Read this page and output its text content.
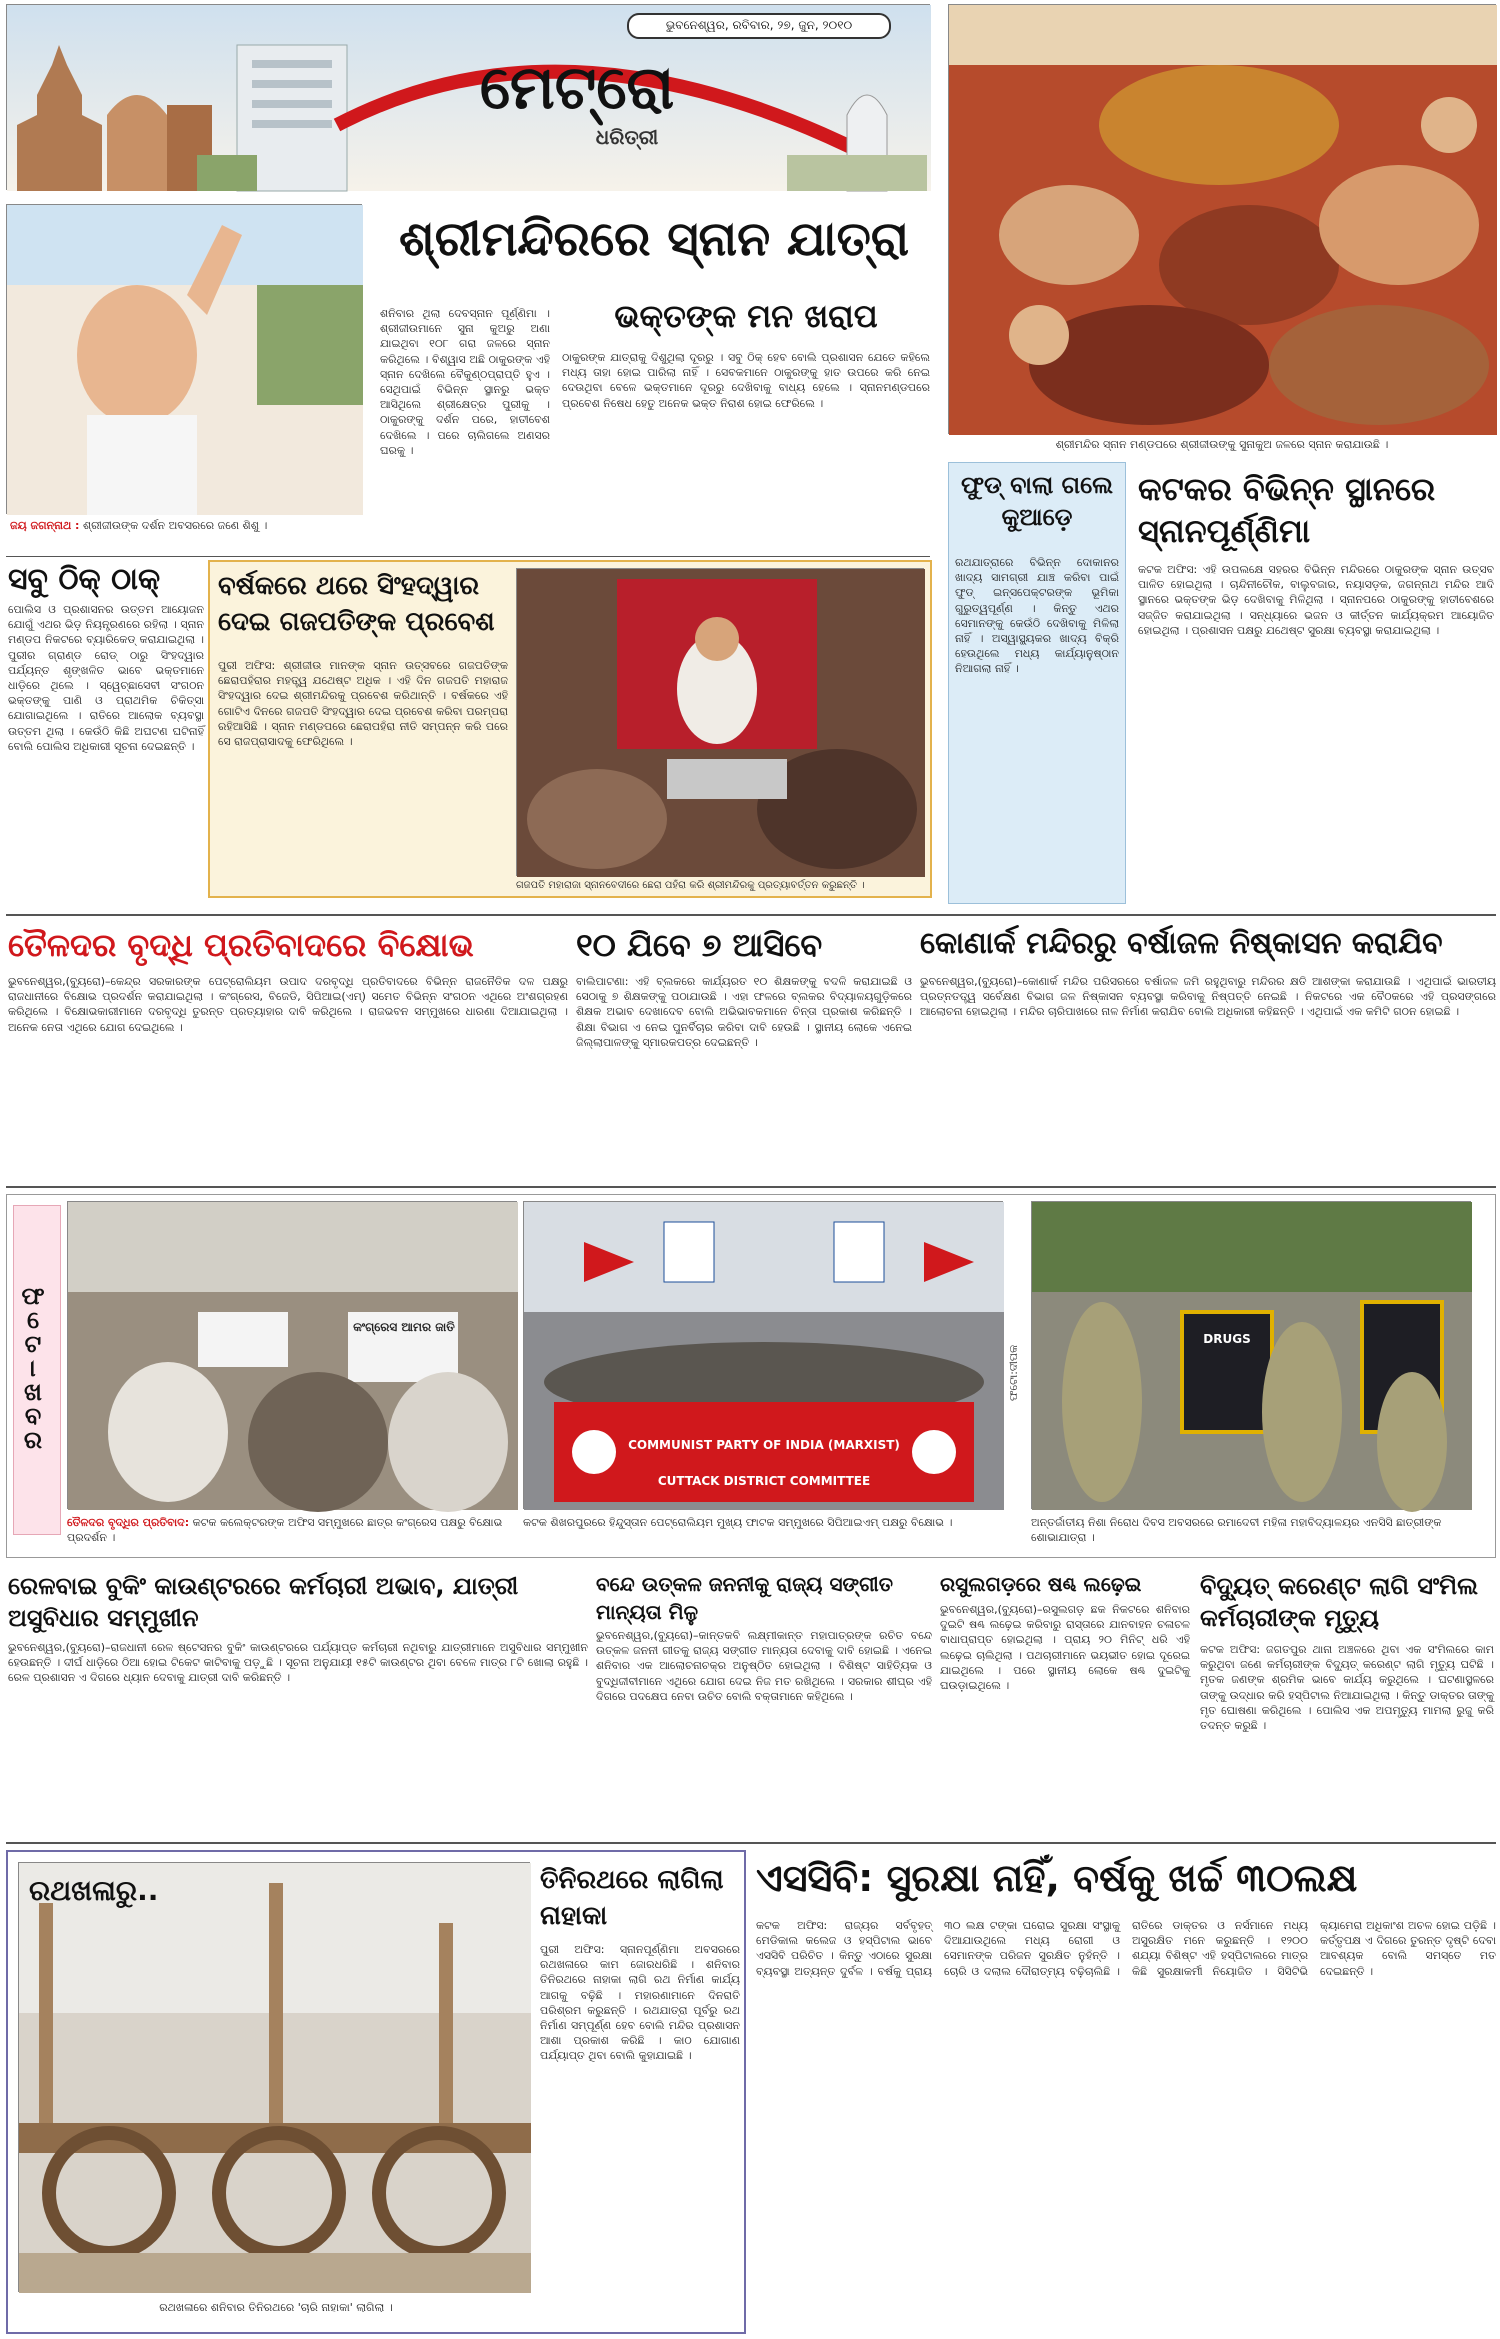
ଭୁବନେଶ୍ୱର, ରବିବାର, ୨୭, ଜୁନ, ୨୦୧୦
ମେଟ୍ରୋ
ଧରିତ୍ରୀ
ଶ୍ରୀମନ୍ଦିର ସ୍ନାନ ମଣ୍ଡପରେ ଶ୍ରୀଜୀଉଙ୍କୁ ସୁନାକୁଅ ଜଳରେ ସ୍ନାନ କରାଯାଉଛି ।
ଜୟ ଜଗନ୍ନାଥ : ଶ୍ରୀଜୀଉଙ୍କ ଦର୍ଶନ ଅବସରରେ ଜଣେ ଶିଶୁ ।
ଶ୍ରୀମନ୍ଦିରରେ ସ୍ନାନ ଯାତ୍ରା
ଭକ୍ତଙ୍କ ମନ ଖରାପ
ଶନିବାର ଥିଲା ଦେବସ୍ନାନ ପୂର୍ଣ୍ଣିମା । ଶ୍ରୀଜୀଉମାନେ ସୁନା କୁଅରୁ ଅଣା ଯାଇଥିବା ୧୦୮ ଗରା ଜଳରେ ସ୍ନାନ କରିଥିଲେ । ବିଶ୍ୱାସ ଅଛି ଠାକୁରଙ୍କ ଏହି ସ୍ନାନ ଦେଖିଲେ ବୈକୁଣ୍ଠପ୍ରାପ୍ତି ହୁଏ । ସେଥିପାଇଁ ବିଭିନ୍ନ ସ୍ଥାନରୁ ଭକ୍ତ ଆସିଥିଲେ ଶ୍ରୀକ୍ଷେତ୍ର ପୁରୀକୁ । ଠାକୁରଙ୍କୁ ଦର୍ଶନ ପରେ, ହାତୀବେଶ ଦେଖିଲେ । ପରେ ଚାଲିଗଲେ ଅଣସର ଘରକୁ ।
ଠାକୁରଙ୍କ ଯାତ୍ରାକୁ ଦିଶୁଥିଲା ଦୂରରୁ । ସବୁ ଠିକ୍ ହେବ ବୋଲି ପ୍ରଶାସନ ଯେତେ କହିଲେ ମଧ୍ୟ ତାହା ହୋଇ ପାରିଲା ନାହିଁ । ସେବକମାନେ ଠାକୁରଙ୍କୁ ହାତ ଉପରେ କରି ନେଇ ଦେଉଥିବା ବେଳେ ଭକ୍ତମାନେ ଦୂରରୁ ଦେଖିବାକୁ ବାଧ୍ୟ ହେଲେ । ସ୍ନାନମଣ୍ଡପରେ ପ୍ରବେଶ ନିଷେଧ ହେତୁ ଅନେକ ଭକ୍ତ ନିରାଶ ହୋଇ ଫେରିଲେ ।
ସବୁ ଠିକ୍ ଠାକ୍
ପୋଲିସ ଓ ପ୍ରଶାସନର ଉତ୍ତମ ଆୟୋଜନ ଯୋଗୁଁ ଏଥର ଭିଡ଼ ନିୟନ୍ତ୍ରଣରେ ରହିଲା । ସ୍ନାନ ମଣ୍ଡପ ନିକଟରେ ବ୍ୟାରିକେଡ୍ କରାଯାଇଥିଲା । ପୁରୀର ଗ୍ରାଣ୍ଡ ରୋଡ୍ ଠାରୁ ସିଂହଦ୍ୱାର ପର୍ଯ୍ୟନ୍ତ ଶୃଙ୍ଖଳିତ ଭାବେ ଭକ୍ତମାନେ ଧାଡ଼ିରେ ଥିଲେ । ସ୍ୱେଚ୍ଛାସେବୀ ସଂଗଠନ ଭକ୍ତଙ୍କୁ ପାଣି ଓ ପ୍ରାଥମିକ ଚିକିତ୍ସା ଯୋଗାଇଥିଲେ । ରାତିରେ ଆଲୋକ ବ୍ୟବସ୍ଥା ଉତ୍ତମ ଥିଲା । କେଉଁଠି କିଛି ଅଘଟଣ ଘଟିନାହିଁ ବୋଲି ପୋଲିସ ଅଧିକାରୀ ସୂଚନା ଦେଇଛନ୍ତି ।
ବର୍ଷକରେ ଥରେ ସିଂହଦ୍ୱାର ଦେଇ ଗଜପତିଙ୍କ ପ୍ରବେଶ
ପୁରୀ ଅଫିସ: ଶ୍ରୀଜୀଉ ମାନଙ୍କ ସ୍ନାନ ଉତ୍ସବରେ ଗଜପତିଙ୍କ ଛେରାପହଁରାର ମହତ୍ତ୍ୱ ଯଥେଷ୍ଟ ଅଧିକ । ଏହି ଦିନ ଗଜପତି ମହାରାଜ ସିଂହଦ୍ୱାର ଦେଇ ଶ୍ରୀମନ୍ଦିରକୁ ପ୍ରବେଶ କରିଥାନ୍ତି । ବର୍ଷକରେ ଏହି ଗୋଟିଏ ଦିନରେ ଗଜପତି ସିଂହଦ୍ୱାର ଦେଇ ପ୍ରବେଶ କରିବା ପରମ୍ପରା ରହିଆସିଛି । ସ୍ନାନ ମଣ୍ଡପରେ ଛେରାପହଁରା ନୀତି ସମ୍ପନ୍ନ କରି ପରେ ସେ ରାଜପ୍ରାସାଦକୁ ଫେରିଥିଲେ ।
ଗଜପତି ମହାରାଜା ସ୍ନାନବେଦୀରେ ଛେରା ପହଁରା କରି ଶ୍ରୀମନ୍ଦିରକୁ ପ୍ରତ୍ୟାବର୍ତ୍ତନ କରୁଛନ୍ତି ।
ଫୁଡ୍ ବାଲା ଗଲେ କୁଆଡ଼େ
ରଥଯାତ୍ରାରେ ବିଭିନ୍ନ ଦୋକାନର ଖାଦ୍ୟ ସାମଗ୍ରୀ ଯାଞ୍ଚ କରିବା ପାଇଁ ଫୁଡ୍ ଇନ୍ସପେକ୍ଟରଙ୍କ ଭୂମିକା ଗୁରୁତ୍ୱପୂର୍ଣ୍ଣ । କିନ୍ତୁ ଏଥର ସେମାନଙ୍କୁ କେଉଁଠି ଦେଖିବାକୁ ମିଳିଲା ନାହିଁ । ଅସ୍ୱାସ୍ଥ୍ୟକର ଖାଦ୍ୟ ବିକ୍ରି ହେଉଥିଲେ ମଧ୍ୟ କାର୍ଯ୍ୟାନୁଷ୍ଠାନ ନିଆଗଲା ନାହିଁ ।
କଟକର ବିଭିନ୍ନ ସ୍ଥାନରେ ସ୍ନାନପୂର୍ଣ୍ଣିମା
କଟକ ଅଫିସ: ଏହି ଉପଲକ୍ଷେ ସହରର ବିଭିନ୍ନ ମନ୍ଦିରରେ ଠାକୁରଙ୍କ ସ୍ନାନ ଉତ୍ସବ ପାଳିତ ହୋଇଥିଲା । ଚାନ୍ଦିନୀଚୌକ, ବାଲୁବଜାର, ନୟାସଡ଼କ, ଜଗନ୍ନାଥ ମନ୍ଦିର ଆଦି ସ୍ଥାନରେ ଭକ୍ତଙ୍କ ଭିଡ଼ ଦେଖିବାକୁ ମିଳିଥିଲା । ସ୍ନାନପରେ ଠାକୁରଙ୍କୁ ହାତୀବେଶରେ ସଜ୍ଜିତ କରାଯାଇଥିଲା । ସନ୍ଧ୍ୟାରେ ଭଜନ ଓ କୀର୍ତ୍ତନ କାର୍ଯ୍ୟକ୍ରମ ଆୟୋଜିତ ହୋଇଥିଲା । ପ୍ରଶାସନ ପକ୍ଷରୁ ଯଥେଷ୍ଟ ସୁରକ୍ଷା ବ୍ୟବସ୍ଥା କରାଯାଇଥିଲା ।
ତୈଳଦର ବୃଦ୍ଧି ପ୍ରତିବାଦରେ ବିକ୍ଷୋଭ
ଭୁବନେଶ୍ୱର,(ବ୍ୟୁରୋ)–କେନ୍ଦ୍ର ସରକାରଙ୍କ ପେଟ୍ରୋଲିୟମ ଉପାଦ ଦରବୃଦ୍ଧି ପ୍ରତିବାଦରେ ବିଭିନ୍ନ ରାଜନୈତିକ ଦଳ ପକ୍ଷରୁ ରାଜଧାନୀରେ ବିକ୍ଷୋଭ ପ୍ରଦର୍ଶନ କରାଯାଇଥିଲା । କଂଗ୍ରେସ, ବିଜେଡି, ସିପିଆଇ(ଏମ୍) ସମେତ ବିଭିନ୍ନ ସଂଗଠନ ଏଥିରେ ଅଂଶଗ୍ରହଣ କରିଥିଲେ । ବିକ୍ଷୋଭକାରୀମାନେ ଦରବୃଦ୍ଧି ତୁରନ୍ତ ପ୍ରତ୍ୟାହାର ଦାବି କରିଥିଲେ । ରାଜଭବନ ସମ୍ମୁଖରେ ଧାରଣା ଦିଆଯାଇଥିଲା । ଅନେକ ନେତା ଏଥିରେ ଯୋଗ ଦେଇଥିଲେ ।
୧୦ ଯିବେ ୭ ଆସିବେ
ବାଲିପାଟଣା: ଏହି ବ୍ଲକରେ କାର୍ଯ୍ୟରତ ୧୦ ଶିକ୍ଷକଙ୍କୁ ବଦଳି କରାଯାଇଛି ଓ ସେଠାକୁ ୭ ଶିକ୍ଷକଙ୍କୁ ପଠାଯାଉଛି । ଏହା ଫଳରେ ବ୍ଲକର ବିଦ୍ୟାଳୟଗୁଡ଼ିକରେ ଶିକ୍ଷକ ଅଭାବ ଦେଖାଦେବ ବୋଲି ଅଭିଭାବକମାନେ ଚିନ୍ତା ପ୍ରକାଶ କରିଛନ୍ତି । ଶିକ୍ଷା ବିଭାଗ ଏ ନେଇ ପୁନର୍ବିଚାର କରିବା ଦାବି ହେଉଛି । ସ୍ଥାନୀୟ ଲୋକେ ଏନେଇ ଜିଲ୍ଲାପାଳଙ୍କୁ ସ୍ମାରକପତ୍ର ଦେଇଛନ୍ତି ।
କୋଣାର୍କ ମନ୍ଦିରରୁ ବର୍ଷାଜଳ ନିଷ୍କାସନ କରାଯିବ
ଭୁବନେଶ୍ୱର,(ବ୍ୟୁରୋ)–କୋଣାର୍କ ମନ୍ଦିର ପରିସରରେ ବର୍ଷାଜଳ ଜମି ରହୁଥିବାରୁ ମନ୍ଦିରର କ୍ଷତି ଆଶଙ୍କା କରାଯାଉଛି । ଏଥିପାଇଁ ଭାରତୀୟ ପ୍ରତ୍ନତତ୍ତ୍ୱ ସର୍ବେକ୍ଷଣ ବିଭାଗ ଜଳ ନିଷ୍କାସନ ବ୍ୟବସ୍ଥା କରିବାକୁ ନିଷ୍ପତ୍ତି ନେଇଛି । ନିକଟରେ ଏକ ବୈଠକରେ ଏହି ପ୍ରସଙ୍ଗରେ ଆଲୋଚନା ହୋଇଥିଲା । ମନ୍ଦିର ଚାରିପାଖରେ ନାଳ ନିର୍ମାଣ କରାଯିବ ବୋଲି ଅଧିକାରୀ କହିଛନ୍ତି । ଏଥିପାଇଁ ଏକ କମିଟି ଗଠନ ହୋଇଛି ।
ଫଟୋଖବର	କଂଗ୍ରେସ ଆମର ଜାତି
COMMUNIST PARTY OF INDIA (MARXIST)
CUTTACK DISTRICT COMMITTEE
ଫଟୋ:ଦୀପକ
DRUGS
ତୈଳଦର ବୃଦ୍ଧିର ପ୍ରତିବାଦ: କଟକ କଲେକ୍ଟରଙ୍କ ଅଫିସ ସମ୍ମୁଖରେ ଛାତ୍ର କଂଗ୍ରେସ ପକ୍ଷରୁ ବିକ୍ଷୋଭ ପ୍ରଦର୍ଶନ ।
କଟକ ଶିଖରପୁରରେ ହିନ୍ଦୁସ୍ତାନ ପେଟ୍ରୋଲିୟମ ମୁଖ୍ୟ ଫାଟକ ସମ୍ମୁଖରେ ସିପିଆଇଏମ୍ ପକ୍ଷରୁ ବିକ୍ଷୋଭ ।	ଅନ୍ତର୍ଜାତୀୟ ନିଶା ନିରୋଧ ଦିବସ ଅବସରରେ ରମାଦେବୀ ମହିଳା ମହାବିଦ୍ୟାଳୟର ଏନସିସି ଛାତ୍ରୀଙ୍କ ଶୋଭାଯାତ୍ରା ।
ରେଳବାଇ ବୁକିଂ କାଉଣ୍ଟରରେ କର୍ମଚାରୀ ଅଭାବ, ଯାତ୍ରୀ ଅସୁବିଧାର ସମ୍ମୁଖୀନ
ଭୁବନେଶ୍ୱର,(ବ୍ୟୁରୋ)–ରାଜଧାନୀ ରେଳ ଷ୍ଟେସନର ବୁକିଂ କାଉଣ୍ଟରରେ ପର୍ଯ୍ୟାପ୍ତ କର୍ମଚାରୀ ନଥିବାରୁ ଯାତ୍ରୀମାନେ ଅସୁବିଧାର ସମ୍ମୁଖୀନ ହେଉଛନ୍ତି । ଦୀର୍ଘ ଧାଡ଼ିରେ ଠିଆ ହୋଇ ଟିକେଟ କାଟିବାକୁ ପଡ଼ୁଛି । ସୂଚନା ଅନୁଯାୟୀ ୧୫ଟି କାଉଣ୍ଟର ଥିବା ବେଳେ ମାତ୍ର ୮ଟି ଖୋଲା ରହୁଛି । ରେଳ ପ୍ରଶାସନ ଏ ଦିଗରେ ଧ୍ୟାନ ଦେବାକୁ ଯାତ୍ରୀ ଦାବି କରିଛନ୍ତି ।
ବନ୍ଦେ ଉତ୍କଳ ଜନନୀକୁ ରାଜ୍ୟ ସଙ୍ଗୀତ ମାନ୍ୟତା ମିଳୁ
ଭୁବନେଶ୍ୱର,(ବ୍ୟୁରୋ)–କାନ୍ତକବି ଲକ୍ଷ୍ମୀକାନ୍ତ ମହାପାତ୍ରଙ୍କ ରଚିତ ବନ୍ଦେ ଉତ୍କଳ ଜନନୀ ଗୀତକୁ ରାଜ୍ୟ ସଙ୍ଗୀତ ମାନ୍ୟତା ଦେବାକୁ ଦାବି ହୋଇଛି । ଏନେଇ ଶନିବାର ଏକ ଆଲୋଚନାଚକ୍ର ଅନୁଷ୍ଠିତ ହୋଇଥିଲା । ବିଶିଷ୍ଟ ସାହିତ୍ୟିକ ଓ ବୁଦ୍ଧିଜୀବୀମାନେ ଏଥିରେ ଯୋଗ ଦେଇ ନିଜ ମତ ରଖିଥିଲେ । ସରକାର ଶୀଘ୍ର ଏହି ଦିଗରେ ପଦକ୍ଷେପ ନେବା ଉଚିତ ବୋଲି ବକ୍ତାମାନେ କହିଥିଲେ ।
ରସୁଲଗଡ଼ରେ ଷଣ୍ଢ ଲଢ଼େଇ
ଭୁବନେଶ୍ୱର,(ବ୍ୟୁରୋ)–ରସୁଲଗଡ଼ ଛକ ନିକଟରେ ଶନିବାର ଦୁଇଟି ଷଣ୍ଢ ଲଢ଼େଇ କରିବାରୁ ରାସ୍ତାରେ ଯାନବାହନ ଚଳାଚଳ ବାଧାପ୍ରାପ୍ତ ହୋଇଥିଲା । ପ୍ରାୟ ୨୦ ମିନିଟ୍ ଧରି ଏହି ଲଢ଼େଇ ଚାଲିଥିଲା । ପଥଚାରୀମାନେ ଭୟଭୀତ ହୋଇ ଦୂରେଇ ଯାଇଥିଲେ । ପରେ ସ୍ଥାନୀୟ ଲୋକେ ଷଣ୍ଢ ଦୁଇଟିକୁ ଘଉଡ଼ାଇଥିଲେ ।
ବିଦ୍ୟୁତ୍ କରେଣ୍ଟ ଲାଗି ସଂମିଲ କର୍ମଚାରୀଙ୍କ ମୃତ୍ୟୁ
କଟକ ଅଫିସ: ଜଗତପୁର ଥାନା ଅଞ୍ଚଳରେ ଥିବା ଏକ ସଂମିଲରେ କାମ କରୁଥିବା ଜଣେ କର୍ମଚାରୀଙ୍କ ବିଦ୍ୟୁତ୍ କରେଣ୍ଟ ଲାଗି ମୃତ୍ୟୁ ଘଟିଛି । ମୃତକ ଜଣଙ୍କ ଶ୍ରମିକ ଭାବେ କାର୍ଯ୍ୟ କରୁଥିଲେ । ଘଟଣାସ୍ଥଳରେ ତାଙ୍କୁ ଉଦ୍ଧାର କରି ହସ୍ପିଟାଲ ନିଆଯାଇଥିଲା । କିନ୍ତୁ ଡାକ୍ତର ତାଙ୍କୁ ମୃତ ଘୋଷଣା କରିଥିଲେ । ପୋଲିସ ଏକ ଅପମୃତ୍ୟୁ ମାମଲା ରୁଜୁ କରି ତଦନ୍ତ କରୁଛି ।
ରଥଖଳାରୁ..
ରଥଖଳାରେ ଶନିବାର ତିନିରଥରେ 'ଚାରି ନାହାକା' ଲାଗିଲା ।
ତିନିରଥରେ ଲାଗିଲା ନାହାକା
ପୁରୀ ଅଫିସ: ସ୍ନାନପୂର୍ଣ୍ଣିମା ଅବସରରେ ରଥଖଳାରେ କାମ ଜୋରଧରିଛି । ଶନିବାର ତିନିରଥରେ ନାହାକା ଲାଗି ରଥ ନିର୍ମାଣ କାର୍ଯ୍ୟ ଆଗକୁ ବଢ଼ିଛି । ମହାରଣାମାନେ ଦିନରାତି ପରିଶ୍ରମ କରୁଛନ୍ତି । ରଥଯାତ୍ରା ପୂର୍ବରୁ ରଥ ନିର୍ମାଣ ସମ୍ପୂର୍ଣ୍ଣ ହେବ ବୋଲି ମନ୍ଦିର ପ୍ରଶାସନ ଆଶା ପ୍ରକାଶ କରିଛି । କାଠ ଯୋଗାଣ ପର୍ଯ୍ୟାପ୍ତ ଥିବା ବୋଲି କୁହାଯାଇଛି ।
ଏସସିବି: ସୁରକ୍ଷା ନାହିଁ, ବର୍ଷକୁ ଖର୍ଚ୍ଚ ୩୦ଲକ୍ଷ
କଟକ ଅଫିସ: ରାଜ୍ୟର ସର୍ବବୃହତ୍ ମେଡିକାଲ କଲେଜ ଓ ହସ୍ପିଟାଲ ଭାବେ ଏସସିବି ପରିଚିତ । କିନ୍ତୁ ଏଠାରେ ସୁରକ୍ଷା ବ୍ୟବସ୍ଥା ଅତ୍ୟନ୍ତ ଦୁର୍ବଳ । ବର୍ଷକୁ ପ୍ରାୟ ୩୦ ଲକ୍ଷ ଟଙ୍କା ଘରୋଇ ସୁରକ୍ଷା ସଂସ୍ଥାକୁ ଦିଆଯାଉଥିଲେ ମଧ୍ୟ ରୋଗୀ ଓ ସେମାନଙ୍କ ପରିଜନ ସୁରକ୍ଷିତ ନୁହଁନ୍ତି । ଚୋରି ଓ ଦଲାଲ ଦୌରାତ୍ମ୍ୟ ବଢ଼ିଚାଲିଛି । ରାତିରେ ଡାକ୍ତର ଓ ନର୍ସମାନେ ମଧ୍ୟ ଅସୁରକ୍ଷିତ ମନେ କରୁଛନ୍ତି । ୧୨୦୦ ଶଯ୍ୟା ବିଶିଷ୍ଟ ଏହି ହସ୍ପିଟାଲରେ ମାତ୍ର କିଛି ସୁରକ୍ଷାକର୍ମୀ ନିୟୋଜିତ । ସିସିଟିଭି କ୍ୟାମେରା ଅଧିକାଂଶ ଅଚଳ ହୋଇ ପଡ଼ିଛି । କର୍ତ୍ତୃପକ୍ଷ ଏ ଦିଗରେ ତୁରନ୍ତ ଦୃଷ୍ଟି ଦେବା ଆବଶ୍ୟକ ବୋଲି ସମସ୍ତେ ମତ ଦେଇଛନ୍ତି ।
